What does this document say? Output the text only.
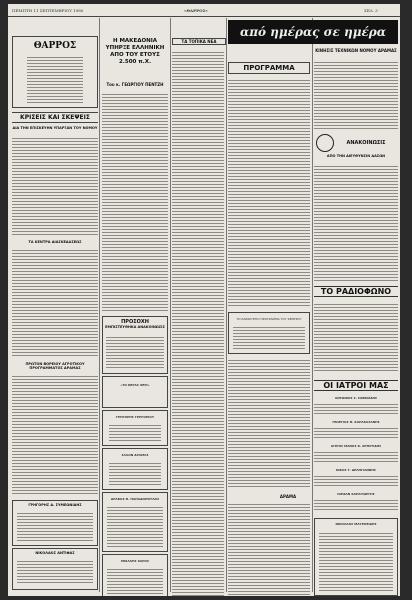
ΠΕΜΠΤΗ 11 ΣΕΠΤΕΜΒΡΙΟΥ 1980	«ΘΑΡΡΟΣ»	ΣΕΛ. 3
ΘΑΡΡΟΣ
ΚΡΙΣΕΙΣ ΚΑΙ ΣΚΕΨΕΙΣ
ΔΙΑ ΤΗΝ ΕΠΙΣΚΕΥΗΝ ΥΠΑΡΞΑΝ ΤΟΥ ΝΟΜΟΥ
ΤΑ ΚΕΝΤΡΑ ΔΙΑΣΚΕΔΑΣΕΩΣ
ΠΡΩΤΟΝ ΒΟΡΕΙΟΥ ΑΓΡΟΤΙΚΟΥ ΠΡΟΓΡΑΜΜΑΤΟΣ ΔΡΑΜΑΣ
ΓΡΗΓΟΡΗΣ Δ. ΣΥΜΕΩΝΙΔΗΣ
ΝΙΚΟΛΑΟΣ ΑΝΤΙΦΑΣ
Η ΜΑΚΕΔΟΝΙΑ ΥΠΗΡΞΕ ΕΛΛΗΝΙΚΗ ΑΠΟ ΤΟΥ ΕΤΟΥΣ 2.500 π.Χ.
Του κ. ΓΕΩΡΓΙΟΥ ΠΕΝΤΖΗ
ΠΡΟΣΟΧΗ
ΕΜΠΙΣΤΕΥΘΗΚΑ ΑΝΑΚΟΙΝΩΣΙΣ
«ΤΟ ΚΕΡΑΣ ΧΕΡΙ»
ΓΡΗΓΟΡΗΣ ΓΡΗΓΟΡΙΟΥ
ΣΑΛΟΝ ΔΡΑΜΑΣ
ΔΡΑΚΟΣ Θ. ΠΑΠΑΔΟΠΟΥΛΟΣ
ΜΙΧΑΛΗΣ ΧΑΡΟΣ
ΤΑ ΤΟΠΙΚΑ ΝΕΑ
από ημέρας σε ημέρα
ΠΡΟΓΡΑΜΜΑ
ΤΟ ΚΑΙΝΟΥΡΓΙΟ ΠΡΟΓΡΑΜΜΑ ΤΟΥ ΚΕΝΤΡΟΥ
ΔΡΑΜΑ
ΚΙΝΗΣΙΣ ΤΕΧΝΙΚΩΝ ΝΟΜΟΥ ΔΡΑΜΑΣ
ΑΝΑΚΟΙΝΩΣΙΣ
ΑΠΟ ΤΗΝ ΔΙΕΥΘΥΝΣΙΝ ΔΑΣΩΝ
ΤΟ ΡΑΔΙΟΦΩΝΟ
ΟΙ ΙΑΤΡΟΙ ΜΑΣ
ΑΝΤΩΝΙΟΣ Σ. ΣΑΒΒΑΪΔΗΣ
ΓΕΩΡΓΙΟΣ Θ. ΚΑΡΑΚΑΣΑΝΗΣ
ΙΑΤΡΟΣ ΜΑΝΟΣ Κ. ΧΡΗΣΤΙΔΗΣ
ΝΙΚΟΣ Τ. ΔΕΛΗΓΙΑΝΝΗΣ
ΙΟΡΔΑΝ ΚΑΡΑΓΙΩΡΓΗΣ
ΝΙΚΟΛΑΟΣ ΜΑΥΡΟΕΙΔΗΣ
